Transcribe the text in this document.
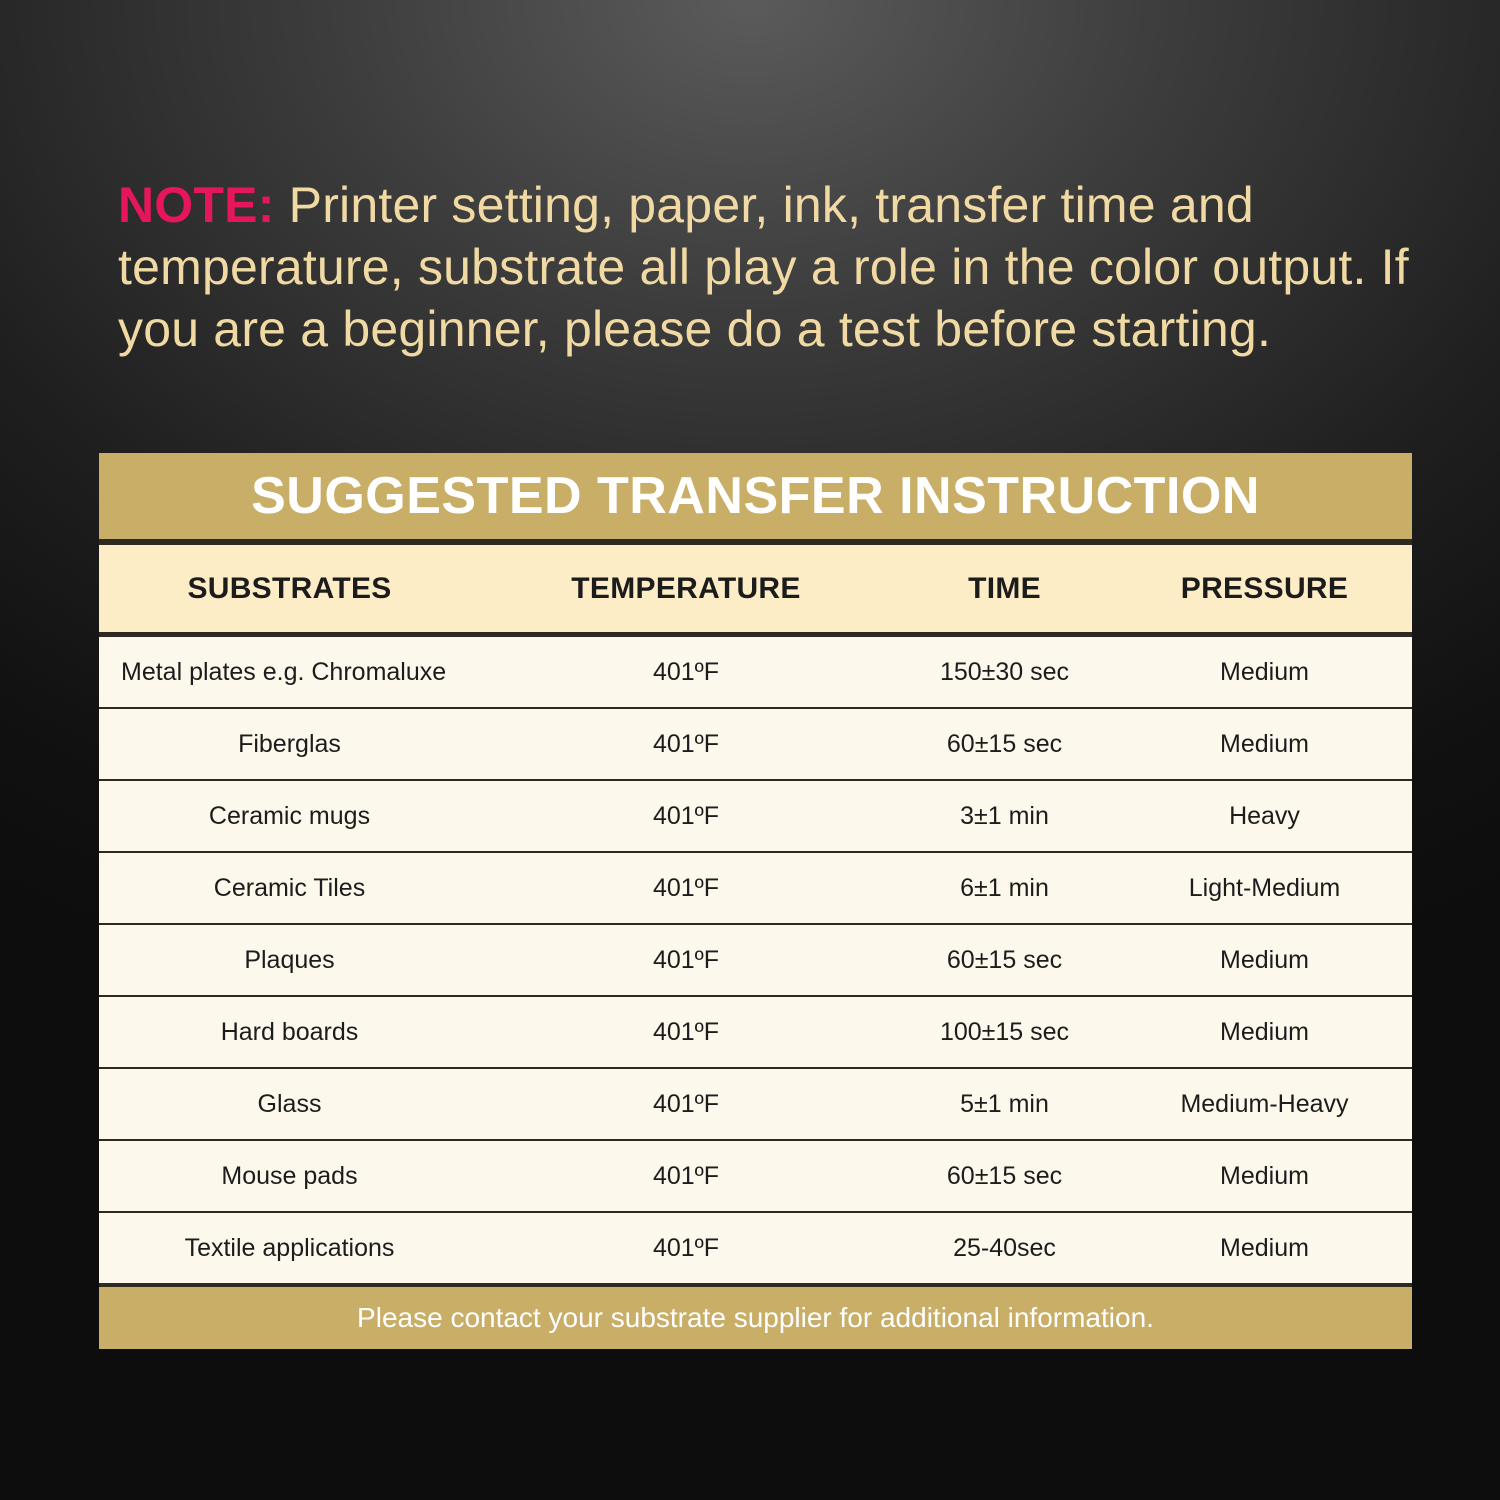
NOTE: Printer setting, paper, ink, transfer time and temperature, substrate all play a role in the color output. If you are a beginner, please do a test before starting.
SUGGESTED TRANSFER INSTRUCTION
SUBSTRATES	TEMPERATURE	TIME	PRESSURE
Metal plates e.g. Chromaluxe	401ºF	150±30 sec	Medium
Fiberglas	401ºF	60±15 sec	Medium
Ceramic mugs	401ºF	3±1 min	Heavy
Ceramic Tiles	401ºF	6±1 min	Light-Medium
Plaques	401ºF	60±15 sec	Medium
Hard boards	401ºF	100±15 sec	Medium
Glass	401ºF	5±1 min	Medium-Heavy
Mouse pads	401ºF	60±15 sec	Medium
Textile applications	401ºF	25-40sec	Medium
Please contact your substrate supplier for additional information.
